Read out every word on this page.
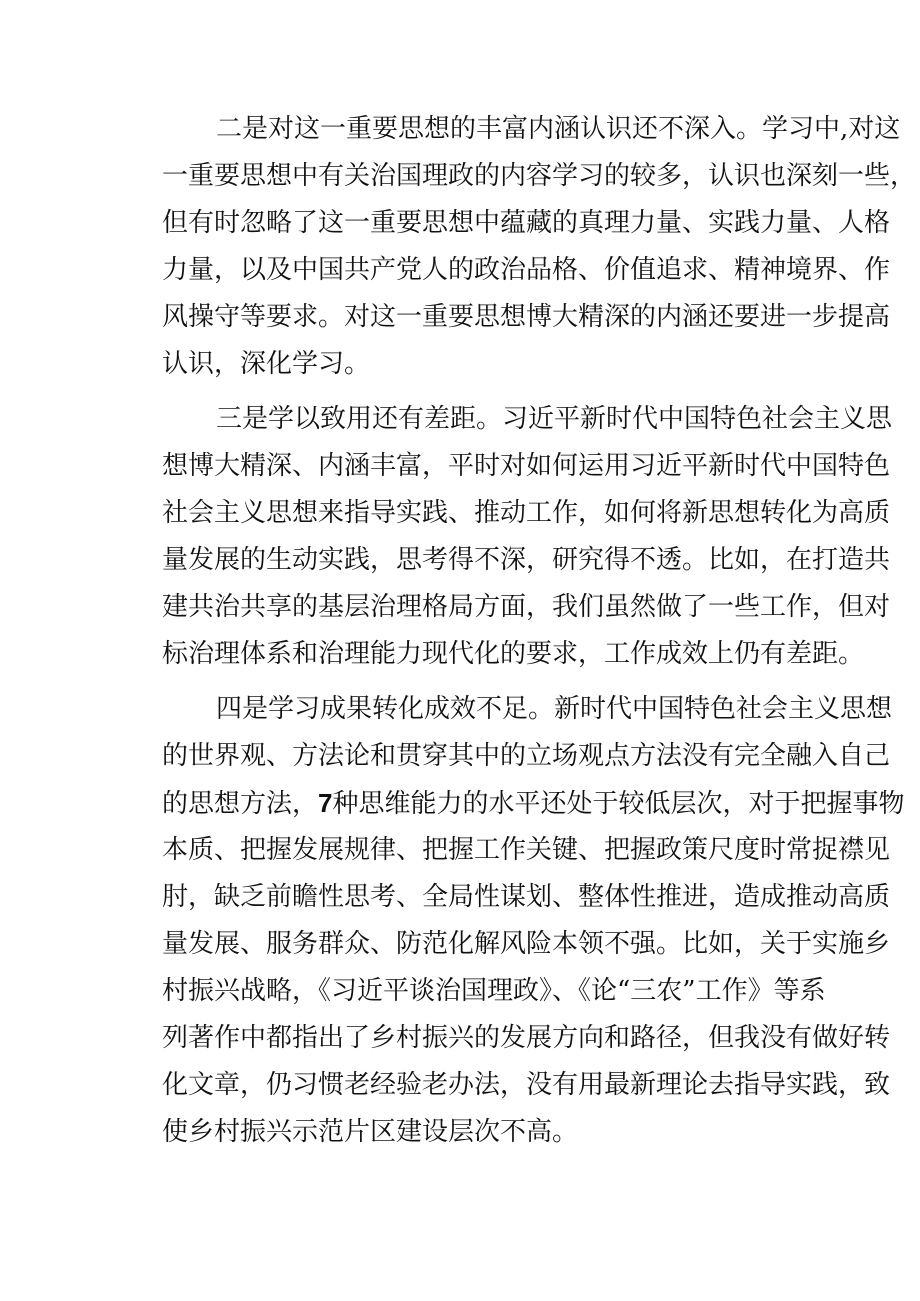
二是对这一重要思想的丰富内涵认识还不深入。学习中,对这

一重要思想中有关治国理政的内容学习的较多，认识也深刻一些，

但有时忽略了这一重要思想中蕴藏的真理力量、实践力量、人格

力量，以及中国共产党人的政治品格、价值追求、精神境界、作

风操守等要求。对这一重要思想博大精深的内涵还要进一步提高

认识，深化学习。

三是学以致用还有差距。习近平新时代中国特色社会主义思

想博大精深、内涵丰富，平时对如何运用习近平新时代中国特色

社会主义思想来指导实践、推动工作，如何将新思想转化为高质

量发展的生动实践，思考得不深，研究得不透。比如，在打造共

建共治共享的基层治理格局方面，我们虽然做了一些工作，但对

标治理体系和治理能力现代化的要求，工作成效上仍有差距。

四是学习成果转化成效不足。新时代中国特色社会主义思想

的世界观、方法论和贯穿其中的立场观点方法没有完全融入自己

的思想方法，7种思维能力的水平还处于较低层次，对于把握事物

本质、把握发展规律、把握工作关键、把握政策尺度时常捉襟见

肘，缺乏前瞻性思考、全局性谋划、整体性推进，造成推动高质

量发展、服务群众、防范化解风险本领不强。比如，关于实施乡

村振兴战略，《习近平谈治国理政》、《论“三农”工作》等系

列著作中都指出了乡村振兴的发展方向和路径，但我没有做好转

化文章，仍习惯老经验老办法，没有用最新理论去指导实践，致

使乡村振兴示范片区建设层次不高。
